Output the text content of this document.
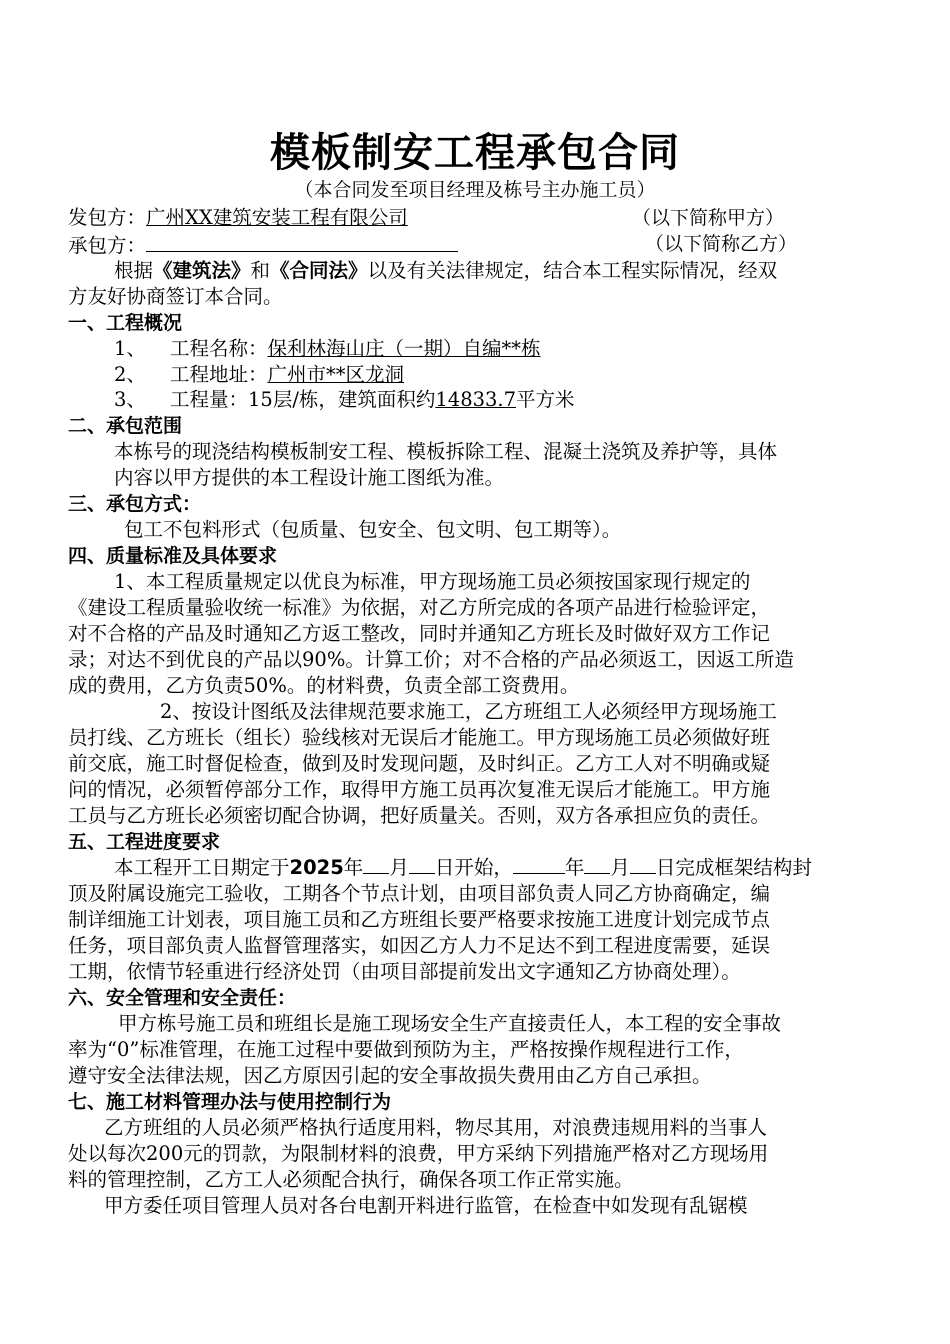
模板制安工程承包合同
（本合同发至项目经理及栋号主办施工员）
发包方：广州XX建筑安装工程有限公司	（以下简称甲方）
承包方：	（以下简称乙方）
根据《建筑法》和《合同法》以及有关法律规定，结合本工程实际情况，经双
方友好协商签订本合同。
一、工程概况
1、 工程名称：保利林海山庄（一期）自编**栋
2、 工程地址：广州市**区龙洞
3、 工程量：15层/栋，建筑面积约14833.7平方米
二、承包范围
本栋号的现浇结构模板制安工程、模板拆除工程、混凝土浇筑及养护等，具体
内容以甲方提供的本工程设计施工图纸为准。
三、承包方式：
包工不包料形式（包质量、包安全、包文明、包工期等）。
四、质量标准及具体要求
1、本工程质量规定以优良为标准，甲方现场施工员必须按国家现行规定的
《建设工程质量验收统一标准》为依据，对乙方所完成的各项产品进行检验评定，
对不合格的产品及时通知乙方返工整改，同时并通知乙方班长及时做好双方工作记
录；对达不到优良的产品以90%。计算工价；对不合格的产品必须返工，因返工所造
成的费用，乙方负责50%。的材料费，负责全部工资费用。
2、按设计图纸及法律规范要求施工，乙方班组工人必须经甲方现场施工
员打线、乙方班长（组长）验线核对无误后才能施工。甲方现场施工员必须做好班
前交底，施工时督促检查，做到及时发现问题，及时纠正。乙方工人对不明确或疑
问的情况，必须暂停部分工作，取得甲方施工员再次复准无误后才能施工。甲方施
工员与乙方班长必须密切配合协调，把好质量关。否则，双方各承担应负的责任。
五、工程进度要求
本工程开工日期定于2025年 月 日开始，	年 月 日完成框架结构封
顶及附属设施完工验收，工期各个节点计划，由项目部负责人同乙方协商确定，编
制详细施工计划表，项目施工员和乙方班组长要严格要求按施工进度计划完成节点
任务，项目部负责人监督管理落实，如因乙方人力不足达不到工程进度需要，延误
工期，依情节轻重进行经济处罚（由项目部提前发出文字通知乙方协商处理）。
六、安全管理和安全责任：
甲方栋号施工员和班组长是施工现场安全生产直接责任人，本工程的安全事故
率为“0”标准管理，在施工过程中要做到预防为主，严格按操作规程进行工作，
遵守安全法律法规，因乙方原因引起的安全事故损失费用由乙方自己承担。
七、施工材料管理办法与使用控制行为
乙方班组的人员必须严格执行适度用料，物尽其用，对浪费违规用料的当事人
处以每次200元的罚款，为限制材料的浪费，甲方采纳下列措施严格对乙方现场用
料的管理控制，乙方工人必须配合执行，确保各项工作正常实施。
甲方委任项目管理人员对各台电割开料进行监管，在检查中如发现有乱锯模
